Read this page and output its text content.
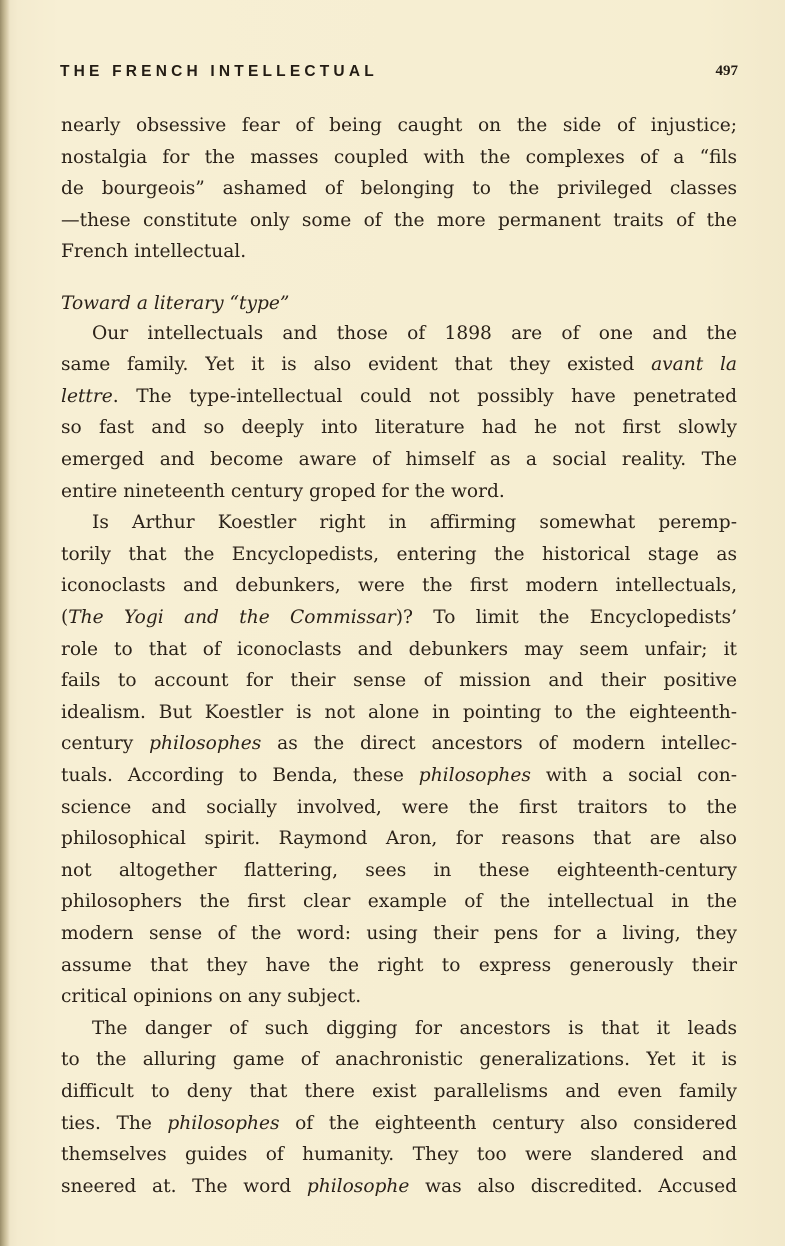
THE FRENCH INTELLECTUAL	497
nearly obsessive fear of being caught on the side of injustice;
nostalgia for the masses coupled with the complexes of a “fils
de bourgeois” ashamed of belonging to the privileged classes
—these constitute only some of the more permanent traits of the
French intellectual.
Toward a literary “type”
Our intellectuals and those of 1898 are of one and the
same family. Yet it is also evident that they existed avant la
lettre. The type-intellectual could not possibly have penetrated
so fast and so deeply into literature had he not first slowly
emerged and become aware of himself as a social reality. The
entire nineteenth century groped for the word.
Is Arthur Koestler right in affirming somewhat peremp-
torily that the Encyclopedists, entering the historical stage as
iconoclasts and debunkers, were the first modern intellectuals,
(The Yogi and the Commissar)? To limit the Encyclopedists’
role to that of iconoclasts and debunkers may seem unfair; it
fails to account for their sense of mission and their positive
idealism. But Koestler is not alone in pointing to the eighteenth-
century philosophes as the direct ancestors of modern intellec-
tuals. According to Benda, these philosophes with a social con-
science and socially involved, were the first traitors to the
philosophical spirit. Raymond Aron, for reasons that are also
not altogether flattering, sees in these eighteenth-century
philosophers the first clear example of the intellectual in the
modern sense of the word: using their pens for a living, they
assume that they have the right to express generously their
critical opinions on any subject.
The danger of such digging for ancestors is that it leads
to the alluring game of anachronistic generalizations. Yet it is
difficult to deny that there exist parallelisms and even family
ties. The philosophes of the eighteenth century also considered
themselves guides of humanity. They too were slandered and
sneered at. The word philosophe was also discredited. Accused
